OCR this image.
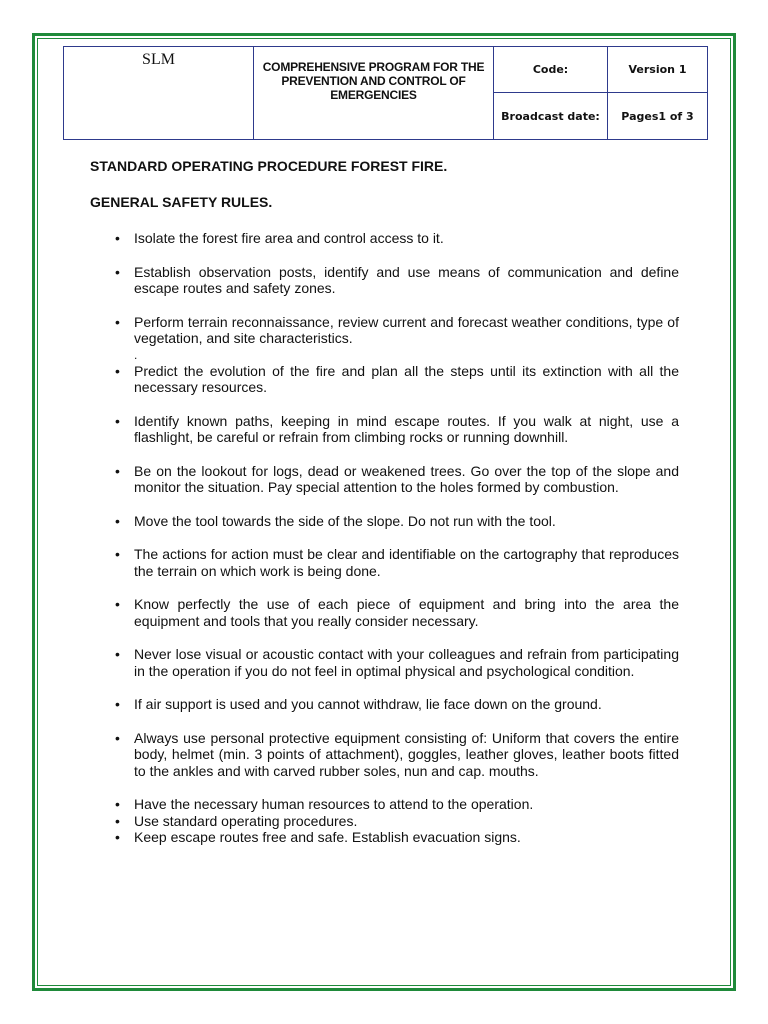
SLM	COMPREHENSIVE PROGRAM FOR THE PREVENTION AND CONTROL OF EMERGENCIES	Code:	Version 1
		Broadcast date:	Pages1 of 3
STANDARD OPERATING PROCEDURE FOREST FIRE.
GENERAL SAFETY RULES.
• Isolate the forest fire area and control access to it.
• Establish observation posts, identify and use means of communication and define escape routes and safety zones.
• Perform terrain reconnaissance, review current and forecast weather conditions, type of vegetation, and site characteristics.
.
• Predict the evolution of the fire and plan all the steps until its extinction with all the necessary resources.
• Identify known paths, keeping in mind escape routes. If you walk at night, use a flashlight, be careful or refrain from climbing rocks or running downhill.
• Be on the lookout for logs, dead or weakened trees. Go over the top of the slope and monitor the situation. Pay special attention to the holes formed by combustion.
• Move the tool towards the side of the slope. Do not run with the tool.
• The actions for action must be clear and identifiable on the cartography that reproduces the terrain on which work is being done.
• Know perfectly the use of each piece of equipment and bring into the area the equipment and tools that you really consider necessary.
• Never lose visual or acoustic contact with your colleagues and refrain from participating in the operation if you do not feel in optimal physical and psychological condition.
• If air support is used and you cannot withdraw, lie face down on the ground.
• Always use personal protective equipment consisting of: Uniform that covers the entire body, helmet (min. 3 points of attachment), goggles, leather gloves, leather boots fitted to the ankles and with carved rubber soles, nun and cap. mouths.
• Have the necessary human resources to attend to the operation.
• Use standard operating procedures.
• Keep escape routes free and safe. Establish evacuation signs.
